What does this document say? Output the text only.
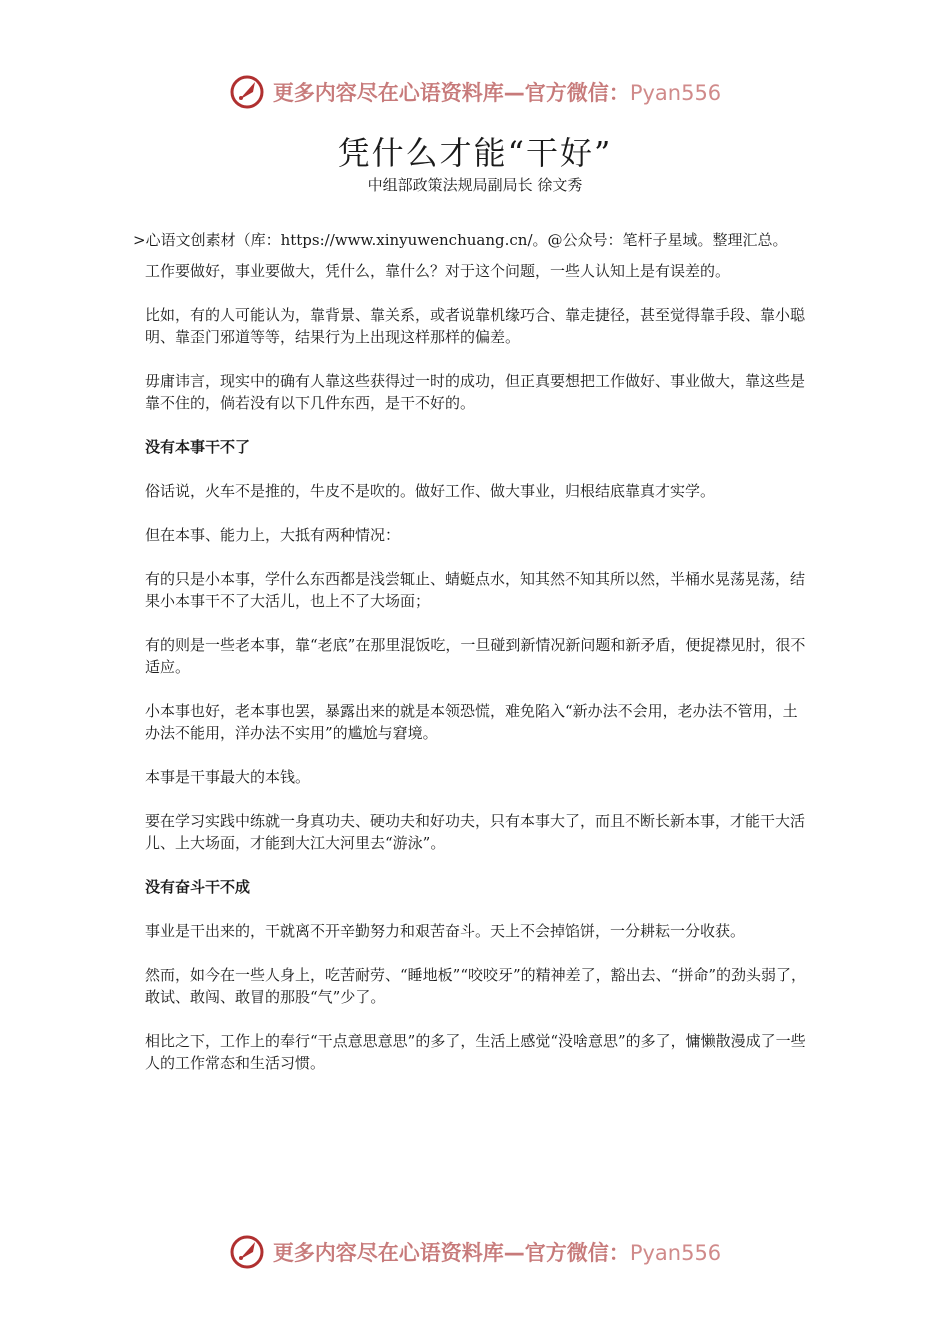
更多内容尽在心语资料库—官方微信：Pyan556
凭什么才能“干好”
中组部政策法规局副局长 徐文秀
>心语文创素材（库：https://www.xinyuwenchuang.cn/。@公众号：笔杆子星域。整理汇总。
工作要做好，事业要做大，凭什么，靠什么？对于这个问题，一些人认知上是有误差的。
比如，有的人可能认为，靠背景、靠关系，或者说靠机缘巧合、靠走捷径，甚至觉得靠手段、靠小聪明、靠歪门邪道等等，结果行为上出现这样那样的偏差。
毋庸讳言，现实中的确有人靠这些获得过一时的成功，但正真要想把工作做好、事业做大，靠这些是靠不住的，倘若没有以下几件东西，是干不好的。
没有本事干不了
俗话说，火车不是推的，牛皮不是吹的。做好工作、做大事业，归根结底靠真才实学。
但在本事、能力上，大抵有两种情况：
有的只是小本事，学什么东西都是浅尝辄止、蜻蜓点水，知其然不知其所以然，半桶水晃荡晃荡，结果小本事干不了大活儿，也上不了大场面；
有的则是一些老本事，靠“老底”在那里混饭吃，一旦碰到新情况新问题和新矛盾，便捉襟见肘，很不适应。
小本事也好，老本事也罢，暴露出来的就是本领恐慌，难免陷入“新办法不会用，老办法不管用，土办法不能用，洋办法不实用”的尴尬与窘境。
本事是干事最大的本钱。
要在学习实践中练就一身真功夫、硬功夫和好功夫，只有本事大了，而且不断长新本事，才能干大活儿、上大场面，才能到大江大河里去“游泳”。
没有奋斗干不成
事业是干出来的，干就离不开辛勤努力和艰苦奋斗。天上不会掉馅饼，一分耕耘一分收获。
然而，如今在一些人身上，吃苦耐劳、“睡地板”“咬咬牙”的精神差了，豁出去、“拼命”的劲头弱了，敢试、敢闯、敢冒的那股“气”少了。
相比之下，工作上的奉行“干点意思意思”的多了，生活上感觉“没啥意思”的多了，慵懒散漫成了一些人的工作常态和生活习惯。
更多内容尽在心语资料库—官方微信：Pyan556
